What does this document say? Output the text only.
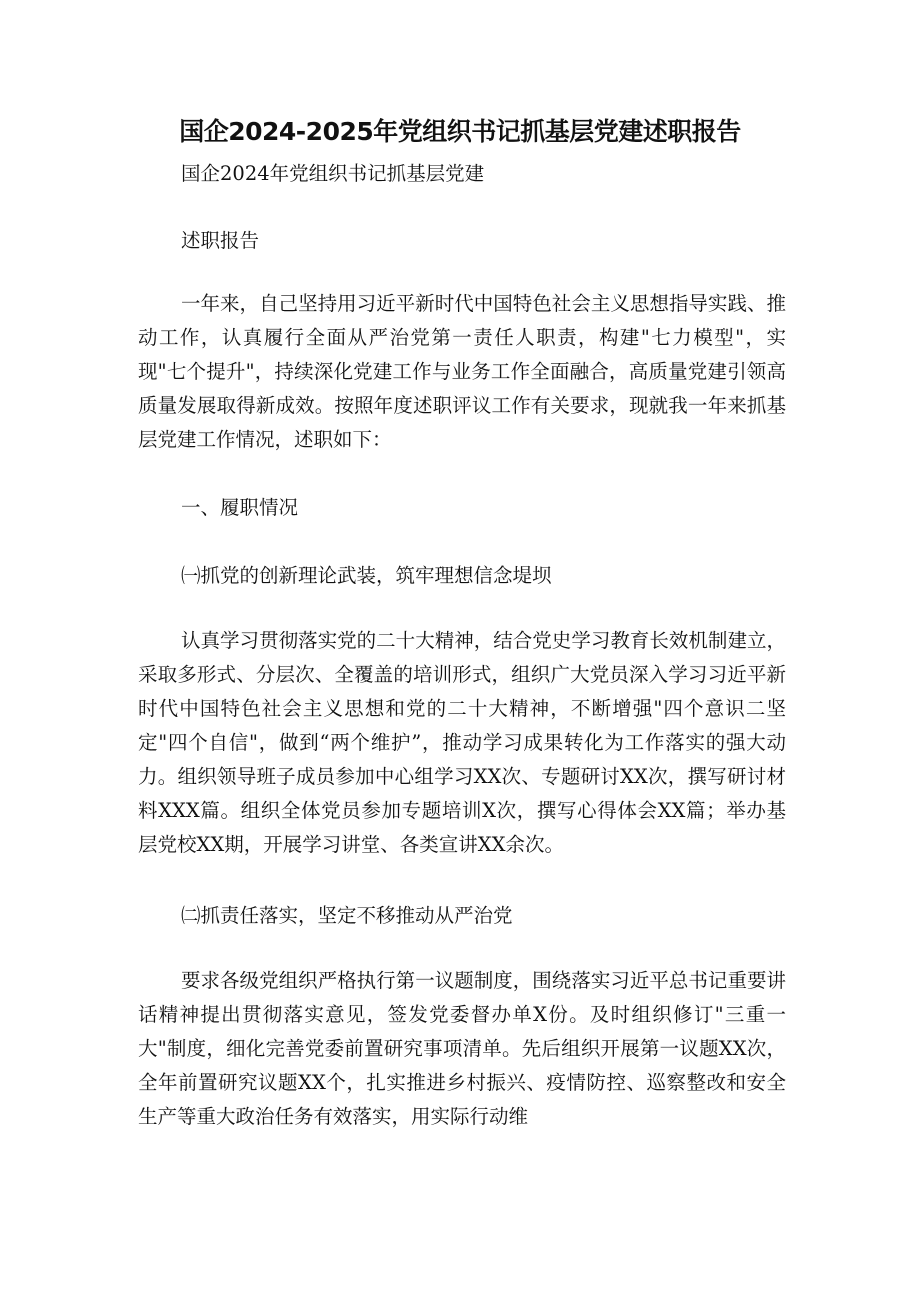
国企2024-2025年党组织书记抓基层党建述职报告

国企2024年党组织书记抓基层党建

述职报告

一年来，自己坚持用习近平新时代中国特色社会主义思想指导实践、推动工作，认真履行全面从严治党第一责任人职责，构建"七力模型"，实现"七个提升"，持续深化党建工作与业务工作全面融合，高质量党建引领高质量发展取得新成效。按照年度述职评议工作有关要求，现就我一年来抓基层党建工作情况，述职如下：

一、履职情况

㈠抓党的创新理论武装，筑牢理想信念堤坝

认真学习贯彻落实党的二十大精神，结合党史学习教育长效机制建立，采取多形式、分层次、全覆盖的培训形式，组织广大党员深入学习习近平新时代中国特色社会主义思想和党的二十大精神，不断增强"四个意识二坚定"四个自信"，做到“两个维护”，推动学习成果转化为工作落实的强大动力。组织领导班子成员参加中心组学习XX次、专题研讨XX次，撰写研讨材料XXX篇。组织全体党员参加专题培训X次，撰写心得体会XX篇；举办基层党校XX期，开展学习讲堂、各类宣讲XX余次。

㈡抓责任落实，坚定不移推动从严治党

要求各级党组织严格执行第一议题制度，围绕落实习近平总书记重要讲话精神提出贯彻落实意见，签发党委督办单X份。及时组织修订"三重一大"制度，细化完善党委前置研究事项清单。先后组织开展第一议题XX次，全年前置研究议题XX个，扎实推进乡村振兴、疫情防控、巡察整改和安全生产等重大政治任务有效落实，用实际行动维
